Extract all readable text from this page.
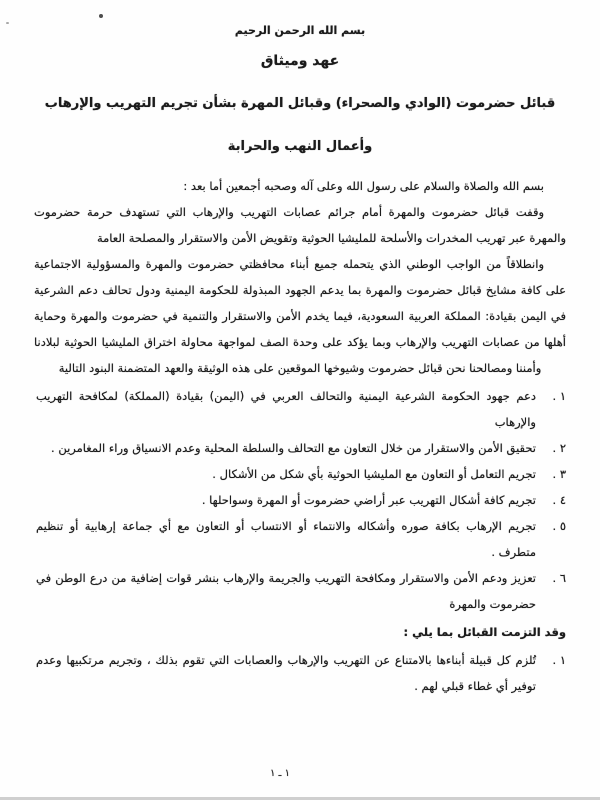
بسم الله الرحمن الرحيم

عهد وميثاق

قبائل حضرموت (الوادي والصحراء) وقبائل المهرة بشأن تجريم التهريب والإرهاب

وأعمال النهب والحرابة

بسم الله والصلاة والسلام على رسول الله وعلى آله وصحبه أجمعين أما بعد :

وقفت قبائل حضرموت والمهرة أمام جرائم عصابات التهريب والإرهاب التي تستهدف حرمة حضرموت والمهرة عبر تهريب المخدرات والأسلحة للمليشيا الحوثية وتقويض الأمن والاستقرار والمصلحة العامة

وانطلاقاً من الواجب الوطني الذي يتحمله جميع أبناء محافظتي حضرموت والمهرة والمسؤولية الاجتماعية على كافة مشايخ قبائل حضرموت والمهرة بما يدعم الجهود المبذولة للحكومة اليمنية ودول تحالف دعم الشرعية في اليمن بقيادة: المملكة العربية السعودية، فيما يخدم الأمن والاستقرار والتنمية في حضرموت والمهرة وحماية أهلها من عصابات التهريب والإرهاب وبما يؤكد على وحدة الصف لمواجهة محاولة اختراق المليشيا الحوثية لبلادنا وأمننا ومصالحنا نحن قبائل حضرموت وشيوخها الموقعين على هذه الوثيقة والعهد المتضمنة البنود التالية

١ .
دعم جهود الحكومة الشرعية اليمنية والتحالف العربي في (اليمن) بقيادة (المملكة) لمكافحة التهريب والإرهاب
٢ .
تحقيق الأمن والاستقرار من خلال التعاون مع التحالف والسلطة المحلية وعدم الانسياق وراء المغامرين .
٣ .
تجريم التعامل أو التعاون مع المليشيا الحوثية بأي شكل من الأشكال .
٤ .
تجريم كافة أشكال التهريب عبر أراضي حضرموت أو المهرة وسواحلها .
٥ .
تجريم الإرهاب بكافة صوره وأشكاله والانتماء أو الانتساب أو التعاون مع أي جماعة إرهابية أو تنظيم متطرف .
٦ .
تعزيز ودعم الأمن والاستقرار ومكافحة التهريب والجريمة والإرهاب بنشر قوات إضافية من درع الوطن في حضرموت والمهرة

وقد التزمت القبائل بما يلي :

١ .
تُلزم كل قبيلة أبناءها بالامتناع عن التهريب والإرهاب والعصابات التي تقوم بذلك ، وتجريم مرتكبيها وعدم توفير أي غطاء قبلي لهم .
١ ـ ١
